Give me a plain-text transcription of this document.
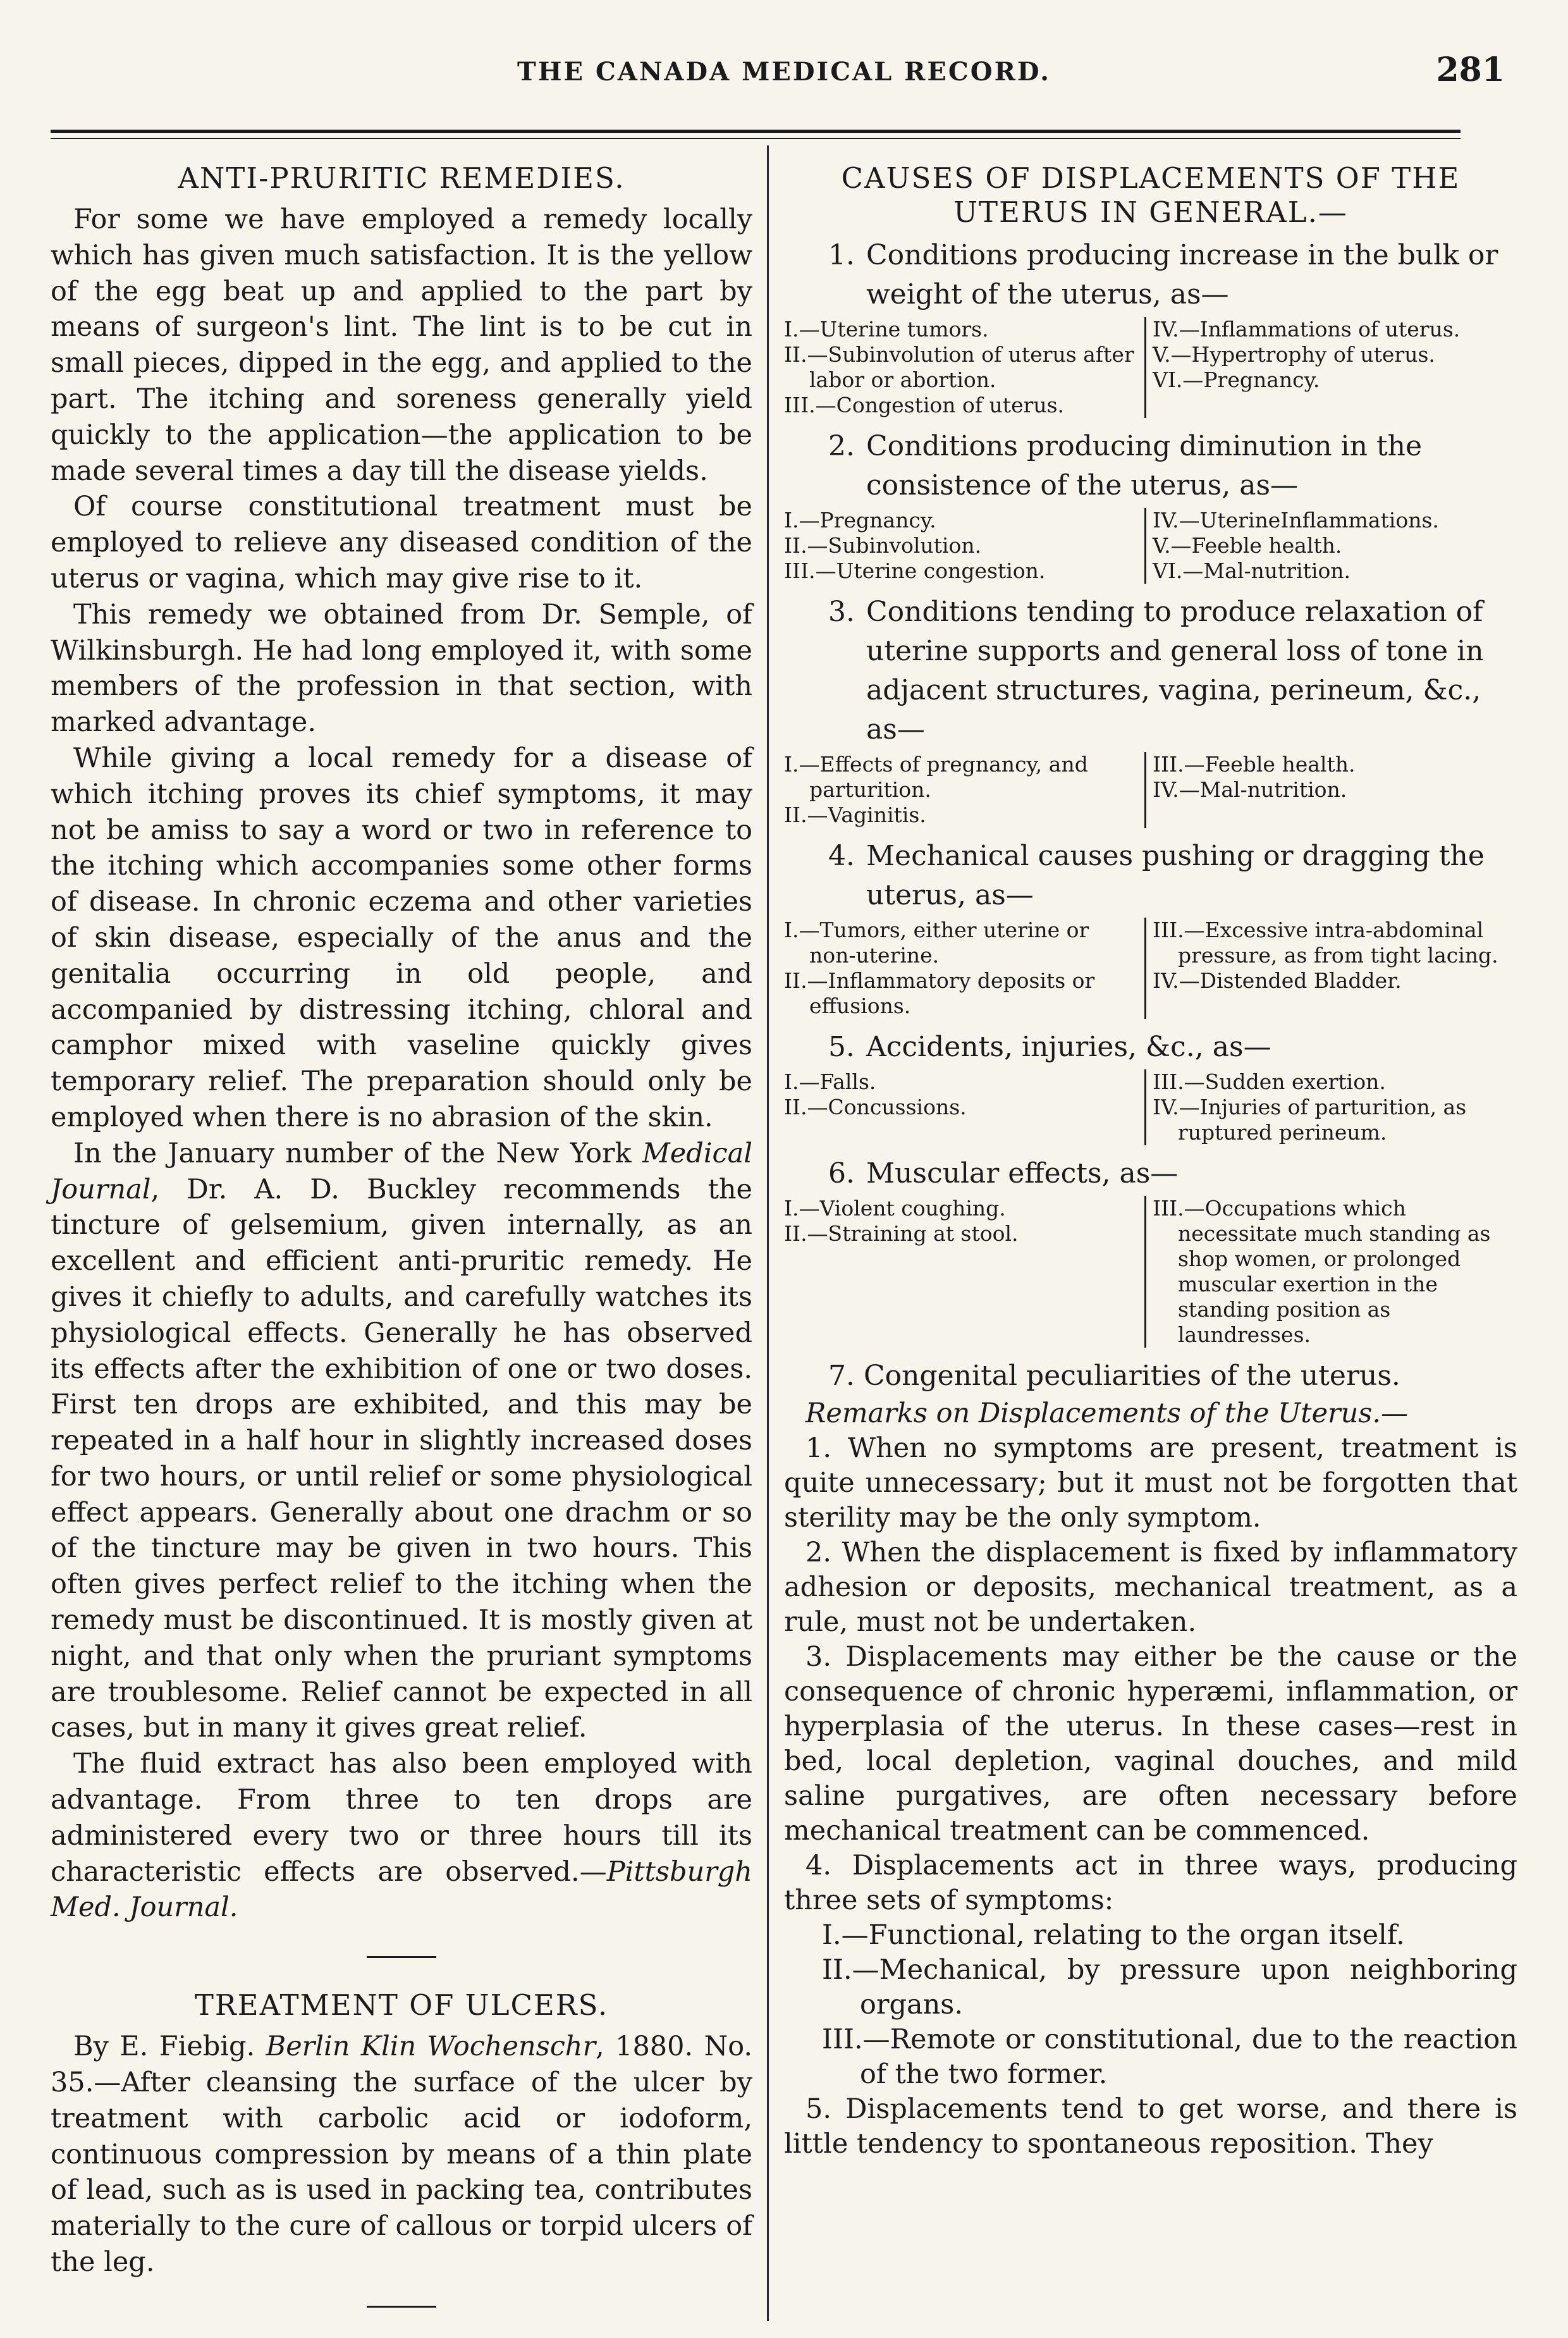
THE CANADA MEDICAL RECORD.	281
ANTI-PRURITIC REMEDIES.

For some we have employed a remedy locally which has given much satisfaction. It is the yellow of the egg beat up and applied to the part by means of surgeon's lint. The lint is to be cut in small pieces, dipped in the egg, and applied to the part. The itching and soreness generally yield quickly to the application—the application to be made several times a day till the disease yields.

Of course constitutional treatment must be employed to relieve any diseased condition of the uterus or vagina, which may give rise to it.

This remedy we obtained from Dr. Semple, of Wilkinsburgh. He had long employed it, with some members of the profession in that section, with marked advantage.

While giving a local remedy for a disease of which itching proves its chief symptoms, it may not be amiss to say a word or two in reference to the itching which accompanies some other forms of disease. In chronic eczema and other varieties of skin disease, especially of the anus and the genitalia occurring in old people, and accompanied by distressing itching, chloral and camphor mixed with vaseline quickly gives temporary relief. The preparation should only be employed when there is no abrasion of the skin.

In the January number of the New York Medical Journal, Dr. A. D. Buckley recommends the tincture of gelsemium, given internally, as an excellent and efficient anti-pruritic remedy. He gives it chiefly to adults, and carefully watches its physiological effects. Generally he has observed its effects after the exhibition of one or two doses. First ten drops are exhibited, and this may be repeated in a half hour in slightly increased doses for two hours, or until relief or some physiological effect appears. Generally about one drachm or so of the tincture may be given in two hours. This often gives perfect relief to the itching when the remedy must be discontinued. It is mostly given at night, and that only when the pruriant symptoms are troublesome. Relief cannot be expected in all cases, but in many it gives great relief.

The fluid extract has also been employed with advantage. From three to ten drops are administered every two or three hours till its characteristic effects are observed.—Pittsburgh Med. Journal.

TREATMENT OF ULCERS.

By E. Fiebig. Berlin Klin Wochenschr, 1880. No. 35.—After cleansing the surface of the ulcer by treatment with carbolic acid or iodoform, continuous compression by means of a thin plate of lead, such as is used in packing tea, contributes materially to the cure of callous or torpid ulcers of the leg.

CAUSES OF DISPLACEMENTS OF THE UTERUS IN GENERAL.—

1. Conditions producing increase in the bulk or weight of the uterus, as—

I.—Uterine tumors.
II.—Subinvolution of uterus after labor or abortion.
III.—Congestion of uterus.
IV.—Inflammations of uterus.
V.—Hypertrophy of uterus.
VI.—Pregnancy.

2. Conditions producing diminution in the consistence of the uterus, as—

I.—Pregnancy.
II.—Subinvolution.
III.—Uterine congestion.
IV.—UterineInflammations.
V.—Feeble health.
VI.—Mal-nutrition.

3. Conditions tending to produce relaxation of uterine supports and general loss of tone in adjacent structures, vagina, perineum, &c., as—

I.—Effects of pregnancy, and parturition.
II.—Vaginitis.
III.—Feeble health.
IV.—Mal-nutrition.

4. Mechanical causes pushing or dragging the uterus, as—

I.—Tumors, either uterine or non-uterine.
II.—Inflammatory deposits or effusions.
III.—Excessive intra-abdominal pressure, as from tight lacing.
IV.—Distended Bladder.

5. Accidents, injuries, &c., as—

I.—Falls.
II.—Concussions.
III.—Sudden exertion.
IV.—Injuries of parturition, as ruptured perineum.

6. Muscular effects, as—

I.—Violent coughing.
II.—Straining at stool.
III.—Occupations which necessitate much standing as shop women, or prolonged muscular exertion in the standing position as laundresses.

7. Congenital peculiarities of the uterus.

Remarks on Displacements of the Uterus.—

1. When no symptoms are present, treatment is quite unnecessary; but it must not be forgotten that sterility may be the only symptom.

2. When the displacement is fixed by inflammatory adhesion or deposits, mechanical treatment, as a rule, must not be undertaken.

3. Displacements may either be the cause or the consequence of chronic hyperæmi, inflammation, or hyperplasia of the uterus. In these cases—rest in bed, local depletion, vaginal douches, and mild saline purgatives, are often necessary before mechanical treatment can be commenced.

4. Displacements act in three ways, producing three sets of symptoms:

I.—Functional, relating to the organ itself.

II.—Mechanical, by pressure upon neighboring organs.

III.—Remote or constitutional, due to the reaction of the two former.

5. Displacements tend to get worse, and there is little tendency to spontaneous reposition. They
